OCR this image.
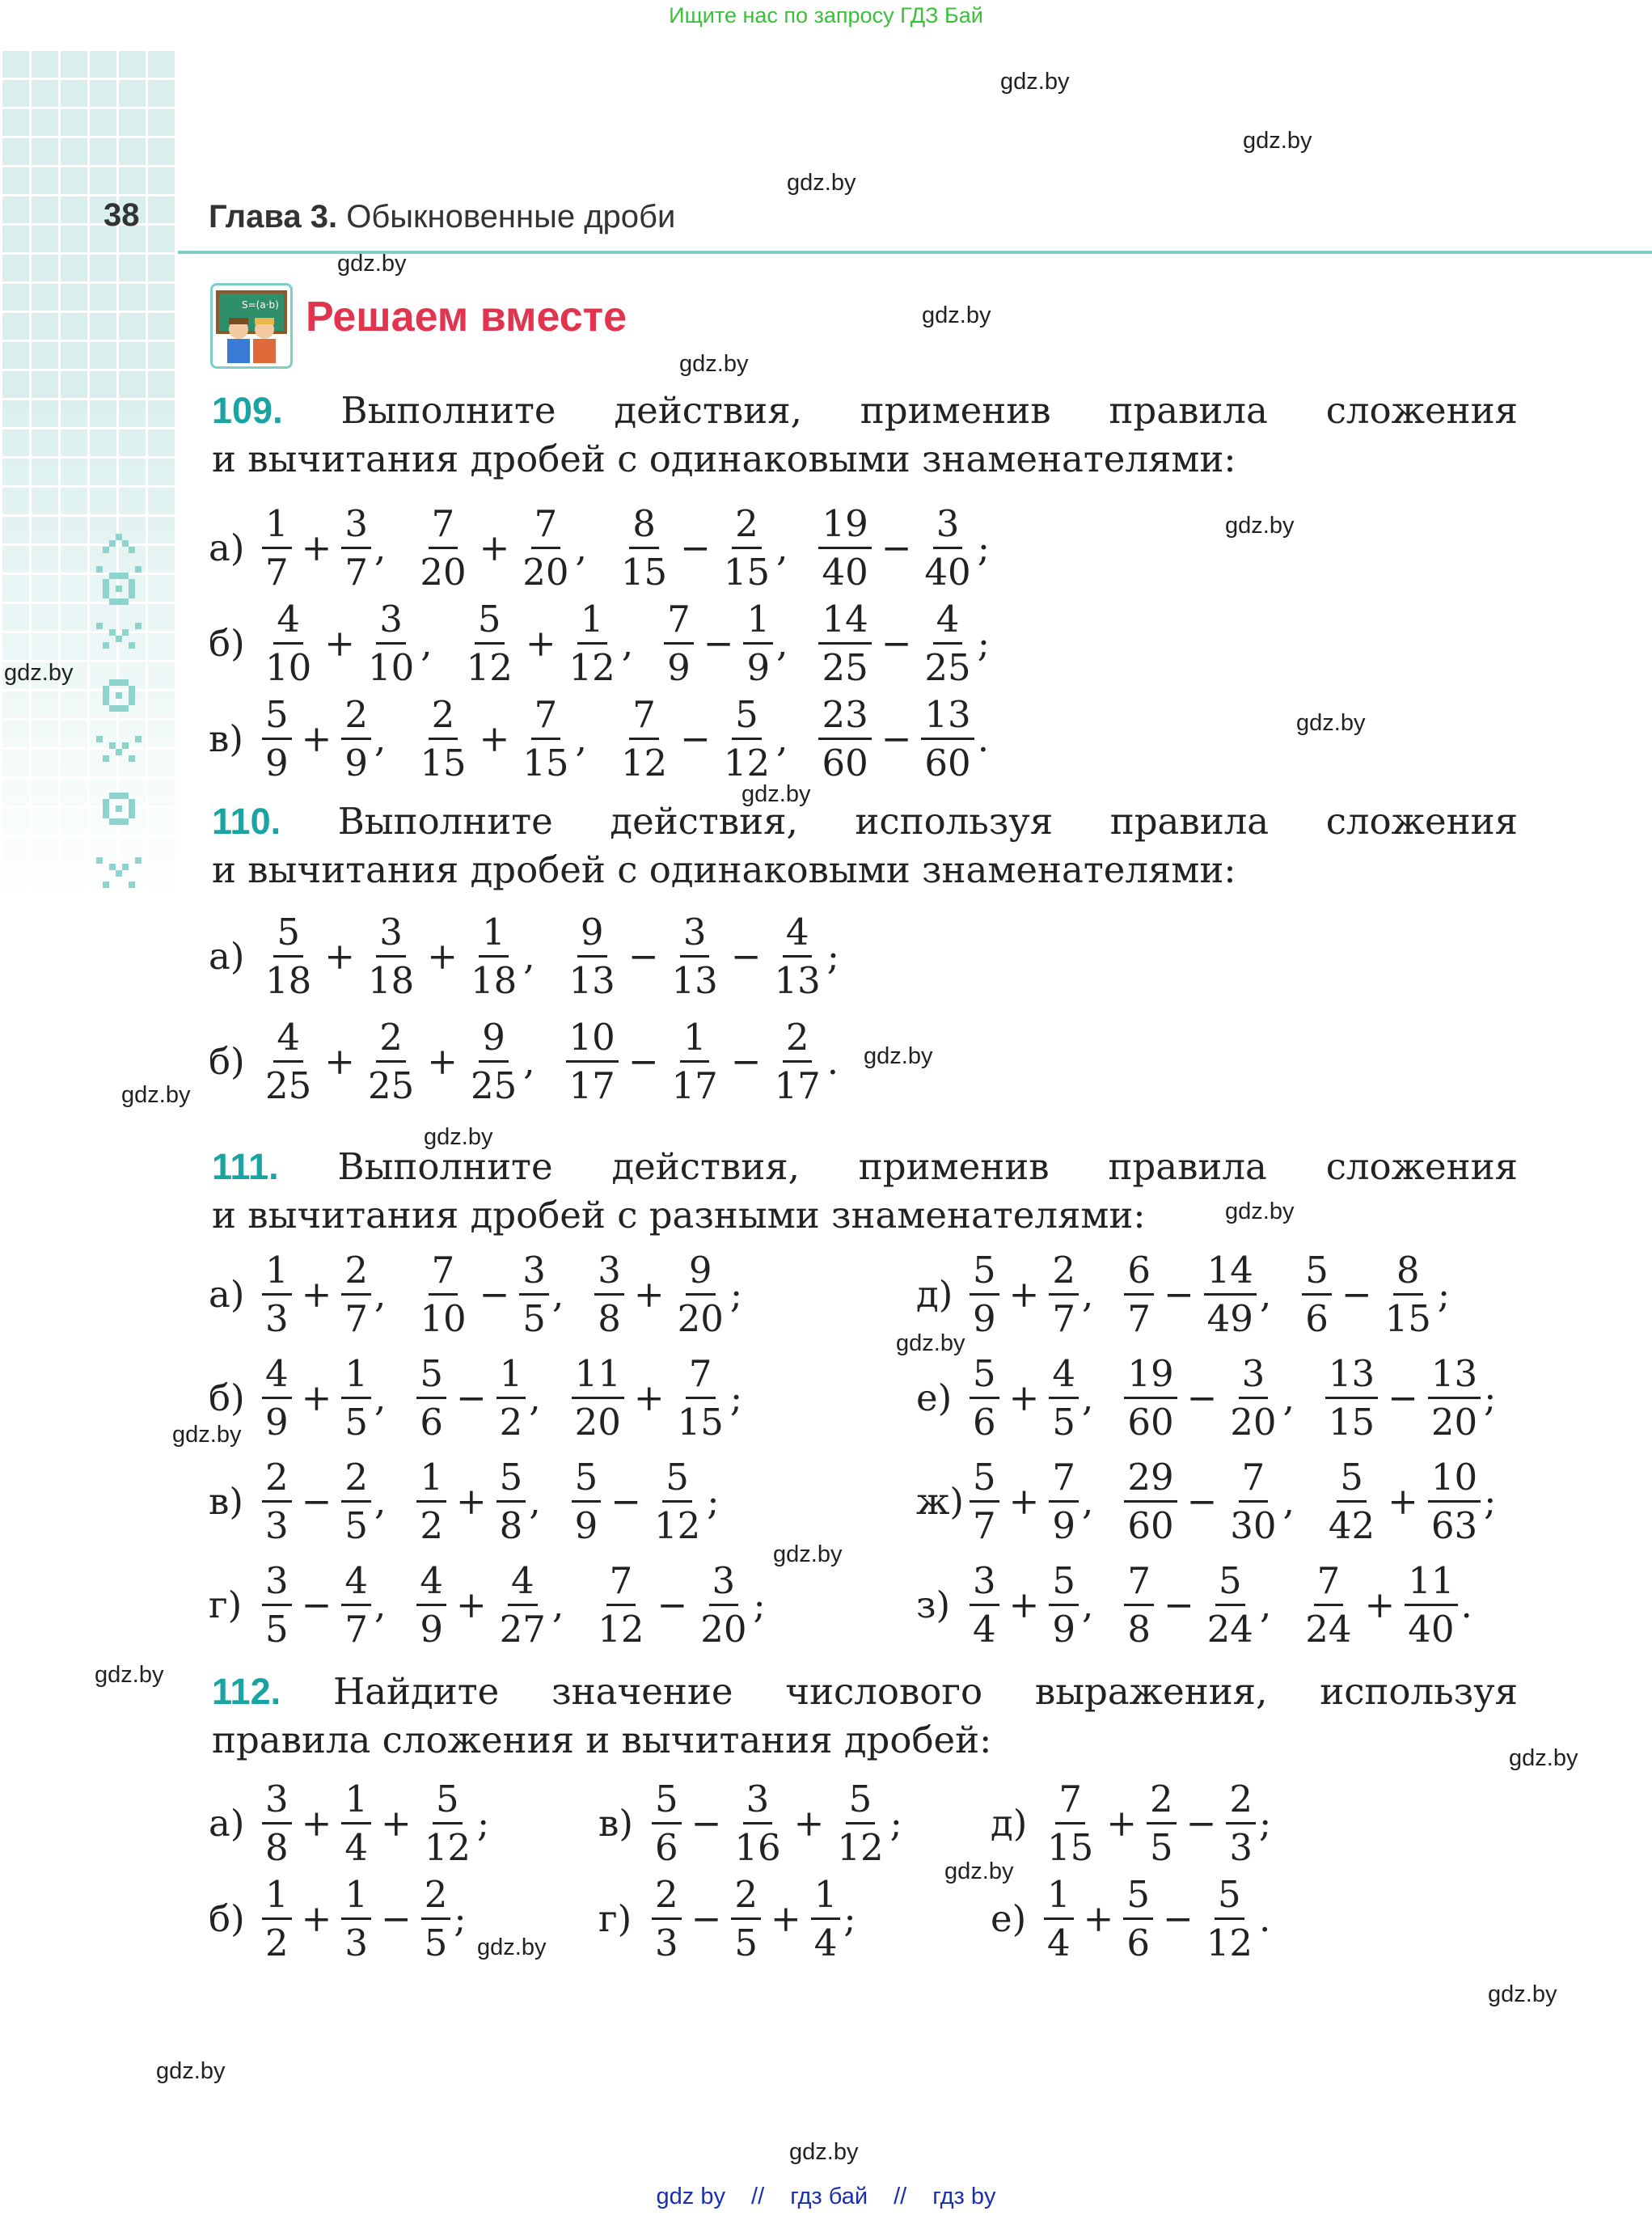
Ищите нас по запросу ГДЗ Бай
38 Глава 3. Обыкновенные дроби
S=(a·b) Решаем вместе
109. Выполните действия, применив правила сложения
и вычитания дробей с одинаковыми знаменателями:
$а) \frac{1}{7} + \frac{3}{7}$ , $\frac{7}{20} + \frac{7}{20}$ , $\frac{8}{15} - \frac{2}{15}$ , $\frac{19}{40} - \frac{3}{40}$ ;
$б) \frac{4}{10} + \frac{3}{10}$ , $\frac{5}{12} + \frac{1}{12}$ , $\frac{7}{9} - \frac{1}{9}$ , $\frac{14}{25} - \frac{4}{25}$ ;
$в) \frac{5}{9} + \frac{2}{9}$ , $\frac{2}{15} + \frac{7}{15}$ , $\frac{7}{12} - \frac{5}{12}$ , $\frac{23}{60} - \frac{13}{60}$ .
110. Выполните действия, используя правила сложения
и вычитания дробей с одинаковыми знаменателями:
$а) \frac{5}{18} + \frac{3}{18} + \frac{1}{18}$ , $\frac{9}{13} - \frac{3}{13} - \frac{4}{13}$ ;
$б) \frac{4}{25} + \frac{2}{25} + \frac{9}{25}$ , $\frac{10}{17} - \frac{1}{17} - \frac{2}{17}$ .
111. Выполните действия, применив правила сложения
и вычитания дробей с разными знаменателями:
$а) \frac{1}{3} + \frac{2}{7}$ , $\frac{7}{10} - \frac{3}{5}$ , $\frac{3}{8} + \frac{9}{20}$ ;
$б) \frac{4}{9} + \frac{1}{5}$ , $\frac{5}{6} - \frac{1}{2}$ , $\frac{11}{20} + \frac{7}{15}$ ;
$в) \frac{2}{3} - \frac{2}{5}$ , $\frac{1}{2} + \frac{5}{8}$ , $\frac{5}{9} - \frac{5}{12}$ ;
$г) \frac{3}{5} - \frac{4}{7}$ , $\frac{4}{9} + \frac{4}{27}$ , $\frac{7}{12} - \frac{3}{20}$ ;
$д) \frac{5}{9} + \frac{2}{7}$ , $\frac{6}{7} - \frac{14}{49}$ , $\frac{5}{6} - \frac{8}{15}$ ;
$е) \frac{5}{6} + \frac{4}{5}$ , $\frac{19}{60} - \frac{3}{20}$ , $\frac{13}{15} - \frac{13}{20}$ ;
$ж) \frac{5}{7} + \frac{7}{9}$ , $\frac{29}{60} - \frac{7}{30}$ , $\frac{5}{42} + \frac{10}{63}$ ;
$з) \frac{3}{4} + \frac{5}{9}$ , $\frac{7}{8} - \frac{5}{24}$ , $\frac{7}{24} + \frac{11}{40}$ .
112. Найдите значение числового выражения, используя
правила сложения и вычитания дробей:
$а) \frac{3}{8} + \frac{1}{4} + \frac{5}{12}$ ;
$б) \frac{1}{2} + \frac{1}{3} - \frac{2}{5}$ ;
$в) \frac{5}{6} - \frac{3}{16} + \frac{5}{12}$ ;
$г) \frac{2}{3} - \frac{2}{5} + \frac{1}{4}$ ;
$д) \frac{7}{15} + \frac{2}{5} - \frac{2}{3}$ ;
$е) \frac{1}{4} + \frac{5}{6} - \frac{5}{12}$ .
gdz.by
gdz.by
gdz.by
gdz.by
gdz.by
gdz.by
gdz.by
gdz.by
gdz.by
gdz.by
gdz.by
gdz.by
gdz.by
gdz.by
gdz.by
gdz.by
gdz.by
gdz.by
gdz.by
gdz.by
gdz.by
gdz.by
gdz.by
gdz.by
gdz by // гдз бай // гдз by
